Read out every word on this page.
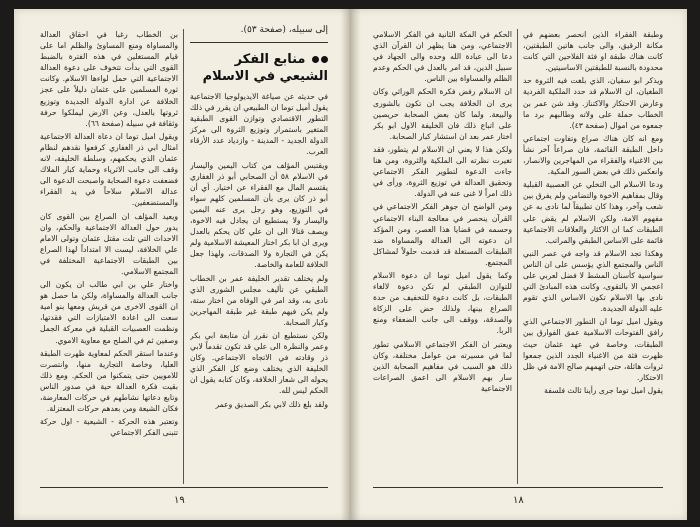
إلى سبيله، (صفحة ٥٣).
منابع الفكر الشيعي في الاسلام

في حديثه عن صياغة الايديولوجيا الاجتماعية يقول أميل توما ان الطبيعي ان يقرر في ذلك التطور الاقتصادي وتوازن القوى الطبقية المتغير باستمرار وتوزيع الثروة الى مركز الدولة الجديد - المدينة - وازدياد عدد الأرقاء العرب.

ويقتبس المؤلف من كتاب اليمين واليسار في الاسلام ٥٨ أن الصحابي أبو ذر الغفاري يقتسم المال مع الفقراء عن اختيار. أي أن أبو ذر كان يرى بأن المسلمين كلهم سواء في التوزيع، وهو رجل يرى عنه اليمين واليسار ولا يستطيع ان يجادل فيه الاخوة، ويصف قتالا الى ان علي كان يحكم بالعدل ويرى ان ابا بكر اختار المعيشة الاسلامية ولم يكن في التجارة ولا الصدقات، ولهذا جعل الخلافة للعامة والخاصة.

ولم يختلف تقدير الخليفة عمر بن الخطاب الطبقي عن تأليف مجلس الشورى الذي نادى به، وقد امر في الوفاة من اختار ستة، ولم يكن فيهم طبقة غير طبقة المهاجرين وكبار الصحابة.

ولكن نستطيع ان نقرر أن متابعة ابي بكر وعمر والنظرة الى علي قد تكون تقدماً لابي ذر وقادته في الاتجاه الاجتماعي. وكان الخليفة الذي يختلف وضع كل الفكر الذي يحوله الى شعار الخلافة، وكان كتابه يقول ان الحكم ليس لله.

ولقد بلغ ذلك لابي بكر الصديق وعمر

بن الخطاب رغبا في احقاق العدالة والمساواة ومنع المساوئ والظلم اما على قيام المستغلين في هذه الفترة بالضبط القوى التي بدأت تتخوف على دعوة العدالة الاجتماعية التي حمل لواءها الاسلام. وكانت ثورة المسلمين على عثمان دليلاً على عجز الخلافة عن ادارة الدولة الجديدة وتوزيع ثروتها بالعدل، وعن الارض ليملكوا حرفة وثقافة في سبيله (صفحة ٦٦).

ويقول اميل توما ان دعاة العدالة الاجتماعية امثال ابي ذر الغفاري كرفعوا نقدهم لنظام عثمان الذي يحكمهم، وسلطة الخليفة، لانه وقف الى جانب الاثرياء وحماية كبار الملاك فضعفت دعوة الصحابة واصبحت الدعوة الى عدالة الاسلام سلاحاً في يد الفقراء والمستضعفين.

ويعيد المؤلف ان الصراع بين القوى كان يدور حول العدالة الاجتماعية والحكم، وان الاحداث التي تلت مقتل عثمان وتولى الامام علي الخلافة، ليست الا امتداداً لهذا الصراع بين الطبقات الاجتماعية المختلفة في المجتمع الاسلامي.

واختار علي بن ابي طالب ان يكون الى جانب العدالة والمساواة، ولكن ما حصل هو ان القوى الاخرى من قريش ومعها بنو امية سعت الى اعادة الامتيازات التي فقدتها، ونظمت العصبيات القبلية في معركة الجمل وصفين ثم في الصلح مع معاوية الاموي.

وعندما استقر الحكم لمعاوية ظهرت الطبقة العليا، وخاصة التجارية منها، وانتصرت للامويين حتى يتمكنوا من الحكم. ومع ذلك بقيت فكرة العدالة حية في صدور الناس وتابع دعاتها نشاطهم في حركات المعارضة، فكان الشيعة ومن بعدهم حركات المعتزلة.

وتعتبر هذه الحركة - الشيعية - اول حركة تتبنى الفكر الاجتماعي

١٩

وطبقة الفقراء الذين انحصر بعضهم في مكانة الرقيق، والى جانب هاتين الطبقتين، كانت هناك طبقة او فئة الفلاحين التي كانت محدودة بالنسبة للطبقتين الاساسيتين.

ويذكر ابو سفيان، الذي بلغت فيه الثروة حد الطغيان، ان الاسلام قد حدد الملكية الفردية وعارض الاحتكار والاكتناز. وقد شن عمر بن الخطاب حملة على ولاته وطالبهم برد ما جمعوه من اموال (صفحة ٤٣).

ومع انه كان هناك صراع وتفاوت اجتماعي داخل الطبقة القائمة، فان صراعاً آخر نشأ بين الاغنياء والفقراء من المهاجرين والانصار، وانعكس ذلك في بعض السور المكية.

ودعا الاسلام الى التخلي عن العصبية القبلية وقال بمفاهيم الاخوة والتضامن ولم يفرق بين شعب وآخر، وهذا كان تطبيقاً لما نادى به عن مفهوم الامة، ولكن الاسلام لم يقض على الطبقات كما ان الاكثار والعلاقات الاجتماعية قائمة على الاساس الطبقي والمراتب.

وهكذا تجد الاسلام قد واجه في عصر النبي الناس والمجتمع الذي يؤسس على ان الناس سواسية كأسنان المشط لا فضل لعربي على اعجمي الا بالتقوى، وكانت هذه المبادئ التي نادى بها الاسلام تكون الاساس الذي تقوم عليه الدولة الجديدة.

ويقول اميل توما ان التطور الاجتماعي الذي رافق الفتوحات الاسلامية عمق الفوارق بين الطبقات، وخاصة في عهد عثمان حيث ظهرت فئة من الاغنياء الجدد الذين جمعوا ثروات هائلة، حتى اتهمهم صالح الامة في ظل الاحتكار.

يقول اميل توما جرى رأينا ثالث فلسفة

الحكم في المكة الثانية في الفكر الاسلامي الاجتماعي، ومن هنا يظهر ان القرآن الذي دعا الى عبادة الله وحده والى الجهاد في سبيل الدين، قد امر بالعدل في الحكم وعدم الظلم والمساواة بين الناس.

ان الاسلام رفض فكرة الحكم الوراثي وكان يرى ان الخلافة يجب ان تكون بالشورى والبيعة. ولما كان بعض الصحابة حريصين على اتباع ذلك فان الخليفة الاول ابو بكر اختار عمر بعد ان استشار كبار الصحابة.

ولكن هذا لا يعني ان الاسلام لم يتطور، فقد تغيرت نظرته الى الملكية والثروة، ومن هنا جاءت الدعوة لتطوير الفكر الاجتماعي وتحقيق العدالة في توزيع الثروة، ورأى في ذلك امراً لا غنى عنه في الدولة.

ومن الواضح ان جوهر الفكر الاجتماعي في القرآن ينحصر في معالجة البناء الاجتماعي وحسمه في قضايا هذا العصر، ومن المؤكد ان دعوته الى العدالة والمساواة ضد الطبقات المستغلة قد قدمت حلولاً لمشاكل المجتمع.

وكما يقول اميل توما ان دعوة الاسلام للتوازن الطبقي لم تكن دعوة لالغاء الطبقات، بل كانت دعوة للتخفيف من حدة الصراع بينها، ولذلك حض على الزكاة والصدقة، ووقف الى جانب الضعفاء ومنع الربا.

ويعتبر ان الفكر الاجتماعي الاسلامي تطور لما في مسيرته من عوامل مختلفة، وكان ذلك هو السبب في مفاهيم الصحابة الذين سار بهم الاسلام الى اعمق الصراعات الاجتماعية

١٨
